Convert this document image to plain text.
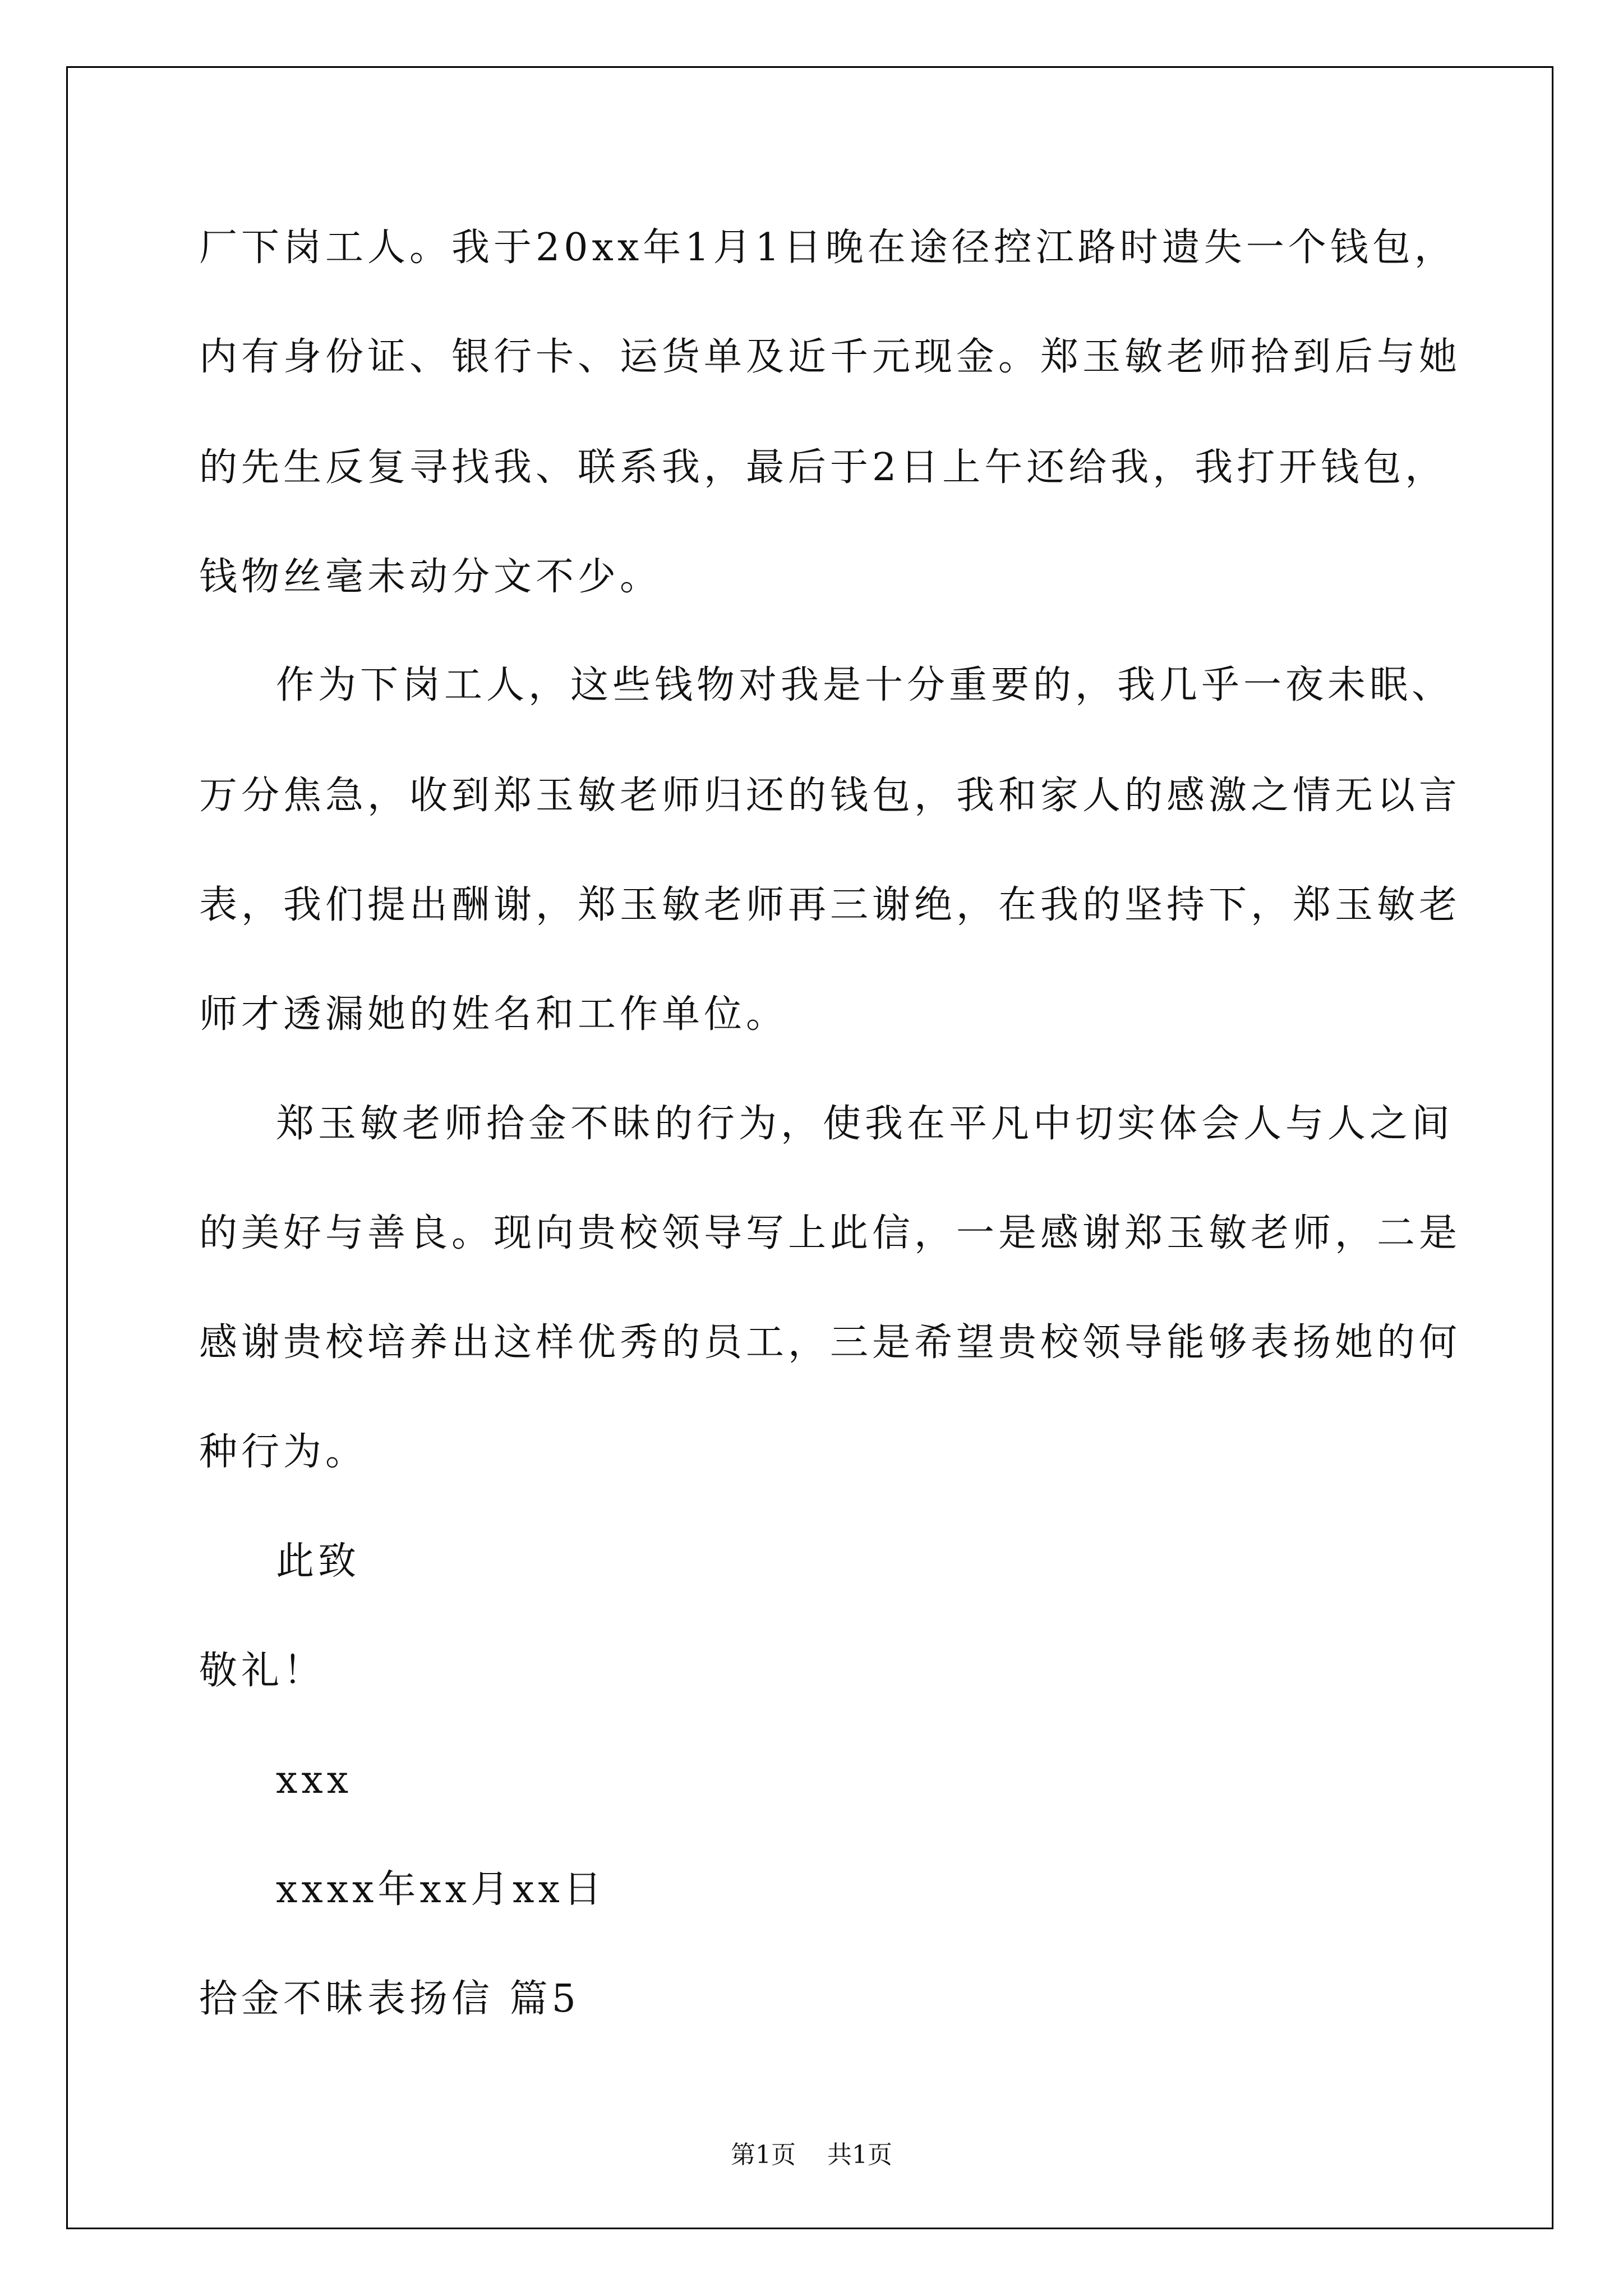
厂下岗工人。我于20xx年1月1日晚在途径控江路时遗失一个钱包，
内有身份证、银行卡、运货单及近千元现金。郑玉敏老师拾到后与她
的先生反复寻找我、联系我，最后于2日上午还给我，我打开钱包，
钱物丝毫未动分文不少。
作为下岗工人，这些钱物对我是十分重要的，我几乎一夜未眠、
万分焦急，收到郑玉敏老师归还的钱包，我和家人的感激之情无以言
表，我们提出酬谢，郑玉敏老师再三谢绝，在我的坚持下，郑玉敏老
师才透漏她的姓名和工作单位。
郑玉敏老师拾金不昧的行为，使我在平凡中切实体会人与人之间
的美好与善良。现向贵校领导写上此信，一是感谢郑玉敏老师，二是
感谢贵校培养出这样优秀的员工，三是希望贵校领导能够表扬她的何
种行为。
此致
敬礼！
xxx
xxxx年xx月xx日
拾金不昧表扬信 篇5
第1页 共1页
